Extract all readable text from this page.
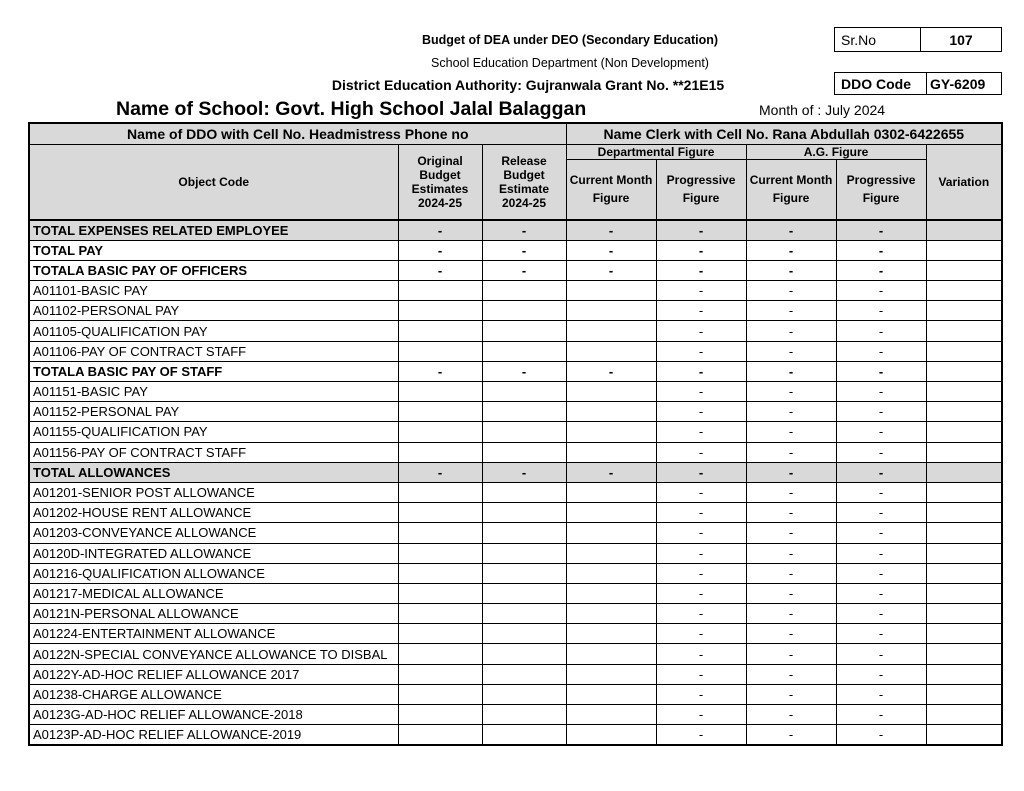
Budget of DEA under DEO (Secondary Education)
School Education Department (Non Development)
District Education Authority: Gujranwala Grant No. **21E15
Name of School: Govt. High School Jalal Balaggan	Month of : July 2024
Sr.No	107
DDO Code	GY-6209
Name of DDO with Cell No. Headmistress Phone no			Name Clerk with Cell No. Rana Abdullah 0302-6422655				
Object Code	Original Budget Estimates 2024-25	Release Budget Estimate 2024-25	Departmental Figure		A.G. Figure		Variation
			Current Month Figure	Progressive Figure	Current Month Figure	Progressive Figure	
TOTAL EXPENSES RELATED EMPLOYEE	-	-	-	-	-	-	
TOTAL PAY	-	-	-	-	-	-	
TOTALA BASIC PAY OF OFFICERS	-	-	-	-	-	-	
A01101-BASIC PAY				-	-	-	
A01102-PERSONAL PAY				-	-	-	
A01105-QUALIFICATION PAY				-	-	-	
A01106-PAY OF CONTRACT STAFF				-	-	-	
TOTALA BASIC PAY OF STAFF	-	-	-	-	-	-	
A01151-BASIC PAY				-	-	-	
A01152-PERSONAL PAY				-	-	-	
A01155-QUALIFICATION PAY				-	-	-	
A01156-PAY OF CONTRACT STAFF				-	-	-	
TOTAL ALLOWANCES	-	-	-	-	-	-	
A01201-SENIOR POST ALLOWANCE				-	-	-	
A01202-HOUSE RENT ALLOWANCE				-	-	-	
A01203-CONVEYANCE ALLOWANCE				-	-	-	
A0120D-INTEGRATED ALLOWANCE				-	-	-	
A01216-QUALIFICATION ALLOWANCE				-	-	-	
A01217-MEDICAL ALLOWANCE				-	-	-	
A0121N-PERSONAL ALLOWANCE				-	-	-	
A01224-ENTERTAINMENT ALLOWANCE				-	-	-	
A0122N-SPECIAL CONVEYANCE ALLOWANCE TO DISBAL				-	-	-	
A0122Y-AD-HOC RELIEF ALLOWANCE 2017				-	-	-	
A01238-CHARGE ALLOWANCE				-	-	-	
A0123G-AD-HOC RELIEF ALLOWANCE-2018				-	-	-	
A0123P-AD-HOC RELIEF ALLOWANCE-2019				-	-	-	
